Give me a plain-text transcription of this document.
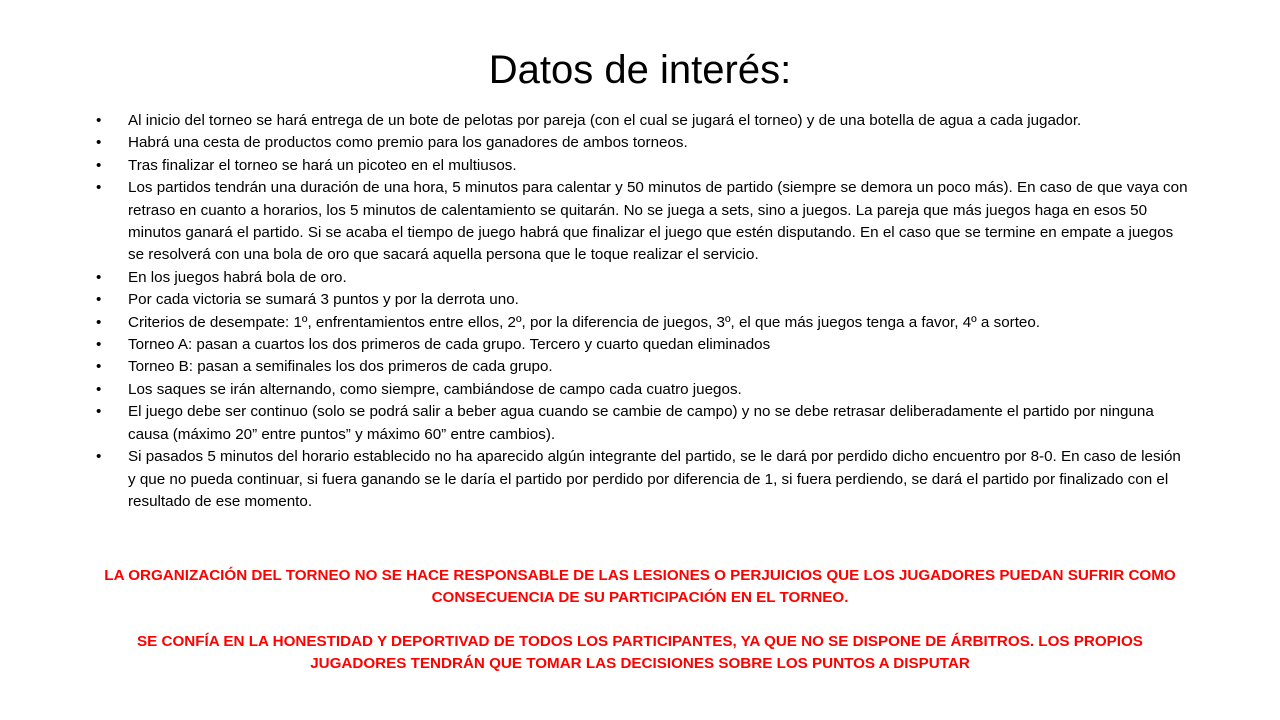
Datos de interés:
•	Al inicio del torneo se hará entrega de un bote de pelotas por pareja (con el cual se jugará el torneo) y de una botella de agua a cada jugador.
•	Habrá una cesta de productos como premio para los ganadores de ambos torneos.
•	Tras finalizar el torneo se hará un picoteo en el multiusos.
•	Los partidos tendrán una duración de una hora, 5 minutos para calentar y 50 minutos de partido (siempre se demora un poco más). En caso de que vaya con retraso en cuanto a horarios, los 5 minutos de calentamiento se quitarán. No se juega a sets, sino a juegos. La pareja que más juegos haga en esos 50 minutos ganará el partido. Si se acaba el tiempo de juego habrá que finalizar el juego que estén disputando. En el caso que se termine en empate a juegos se resolverá con una bola de oro que sacará aquella persona que le toque realizar el servicio.
•	En los juegos habrá bola de oro.
•	Por cada victoria se sumará 3 puntos y por la derrota uno.
•	Criterios de desempate: 1º, enfrentamientos entre ellos, 2º, por la diferencia de juegos, 3º, el que más juegos tenga a favor, 4º a sorteo.
•	Torneo A: pasan a cuartos los dos primeros de cada grupo. Tercero y cuarto quedan eliminados
•	Torneo B: pasan a semifinales los dos primeros de cada grupo.
•	Los saques se irán alternando, como siempre, cambiándose de campo cada cuatro juegos.
•	El juego debe ser continuo (solo se podrá salir a beber agua cuando se cambie de campo) y no se debe retrasar deliberadamente el partido por ninguna causa (máximo 20” entre puntos” y máximo 60” entre cambios).
•	Si pasados 5 minutos del horario establecido no ha aparecido algún integrante del partido, se le dará por perdido dicho encuentro por 8-0. En caso de lesión y que no pueda continuar, si fuera ganando se le daría el partido por perdido por diferencia de 1, si fuera perdiendo, se dará el partido por finalizado con el resultado de ese momento.

LA ORGANIZACIÓN DEL TORNEO NO SE HACE RESPONSABLE DE LAS LESIONES O PERJUICIOS QUE LOS JUGADORES PUEDAN SUFRIR COMO CONSECUENCIA DE SU PARTICIPACIÓN EN EL TORNEO.

SE CONFÍA EN LA HONESTIDAD Y DEPORTIVAD DE TODOS LOS PARTICIPANTES, YA QUE NO SE DISPONE DE ÁRBITROS. LOS PROPIOS JUGADORES TENDRÁN QUE TOMAR LAS DECISIONES SOBRE LOS PUNTOS A DISPUTAR
